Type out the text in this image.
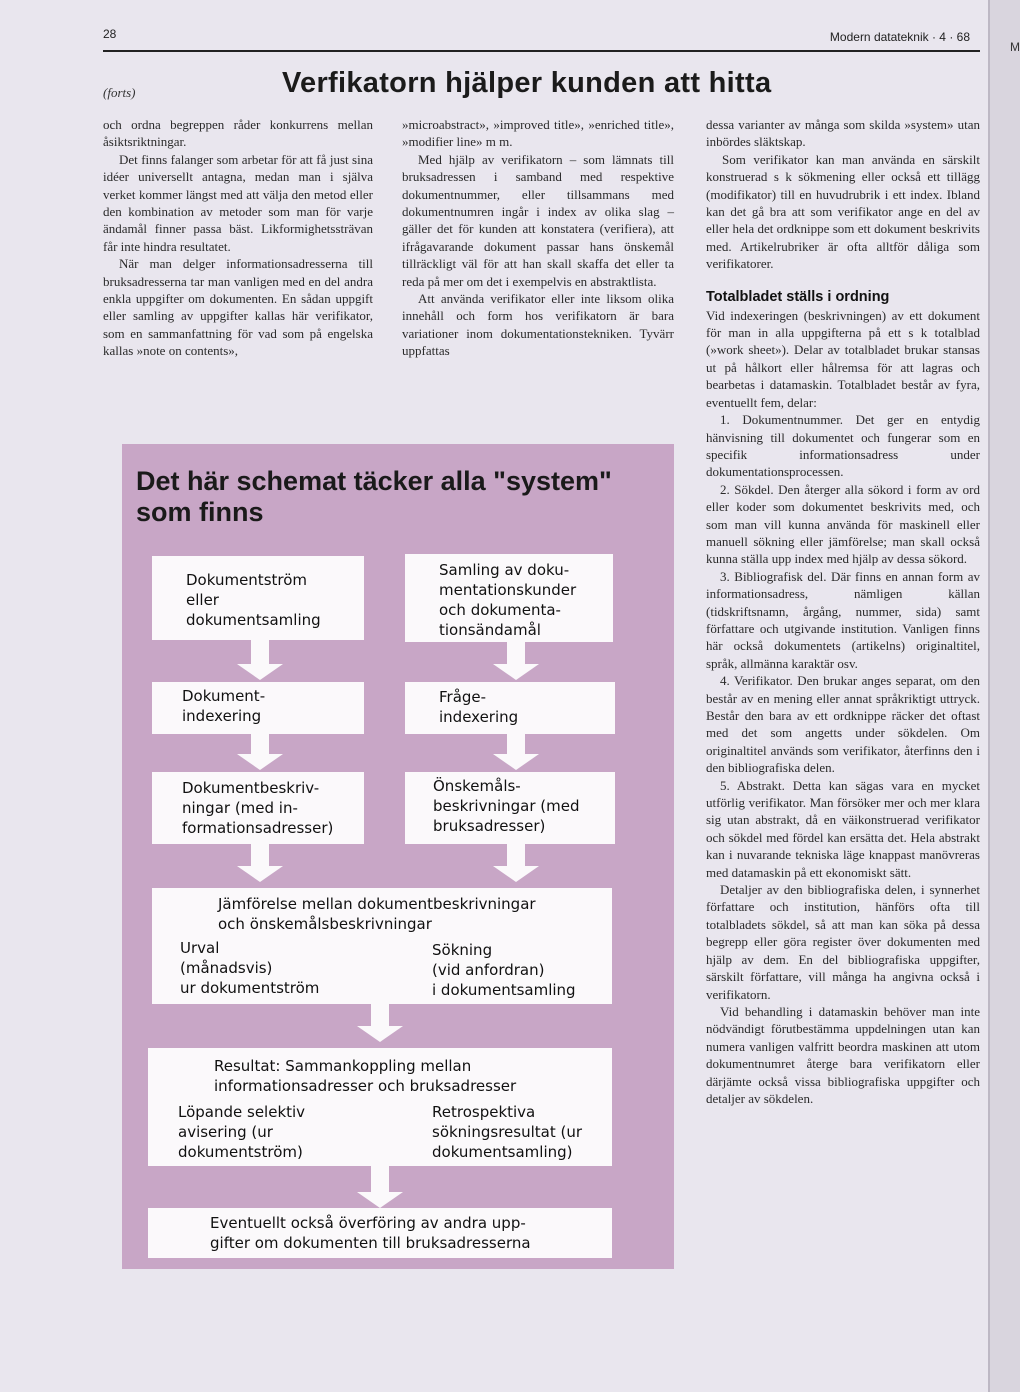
28	Modern datateknik · 4 · 68
(forts)	Verfikatorn hjälper kunden att hitta

och ordna begreppen råder konkurrens mellan åsiktsriktningar.

Det finns falanger som arbetar för att få just sina idéer universellt antagna, medan man i själva verket kommer längst med att välja den metod eller den kombination av metoder som man för varje ändamål finner passa bäst. Likformighetssträvan får inte hindra resultatet.

När man delger informationsadresserna till bruksadresserna tar man vanligen med en del andra enkla uppgifter om dokumenten. En sådan uppgift eller samling av uppgifter kallas här verifikator, som en sammanfattning för vad som på engelska kallas »note on contents»,

»microabstract», »improved title», »enriched title», »modifier line» m m.

Med hjälp av verifikatorn – som lämnats till bruksadressen i samband med respektive dokumentnummer, eller tillsammans med dokumentnumren ingår i index av olika slag – gäller det för kunden att konstatera (verifiera), att ifrågavarande dokument passar hans önskemål tillräckligt väl för att han skall skaffa det eller ta reda på mer om det i exempelvis en abstraktlista.

Att använda verifikator eller inte liksom olika innehåll och form hos verifikatorn är bara variationer inom dokumentationstekniken. Tyvärr uppfattas

dessa varianter av många som skilda »system» utan inbördes släktskap.

Som verifikator kan man använda en särskilt konstruerad s k sökmening eller också ett tillägg (modifikator) till en huvudrubrik i ett index. Ibland kan det gå bra att som verifikator ange en del av eller hela det ordknippe som ett dokument beskrivits med. Artikelrubriker är ofta alltför dåliga som verifikatorer.

Totalbladet ställs i ordning

Vid indexeringen (beskrivningen) av ett dokument för man in alla uppgifterna på ett s k totalblad (»work sheet»). Delar av totalbladet brukar stansas ut på hålkort eller hålremsa för att lagras och bearbetas i datamaskin. Totalbladet består av fyra, eventuellt fem, delar:

1. Dokumentnummer. Det ger en entydig hänvisning till dokumentet och fungerar som en specifik informationsadress under dokumentationsprocessen.

2. Sökdel. Den återger alla sökord i form av ord eller koder som dokumentet beskrivits med, och som man vill kunna använda för maskinell eller manuell sökning eller jämförelse; man skall också kunna ställa upp index med hjälp av dessa sökord.

3. Bibliografisk del. Där finns en annan form av informationsadress, nämligen källan (tidskriftsnamn, årgång, nummer, sida) samt författare och utgivande institution. Vanligen finns här också dokumentets (artikelns) originaltitel, språk, allmänna karaktär osv.

4. Verifikator. Den brukar anges separat, om den består av en mening eller annat språkriktigt uttryck. Består den bara av ett ordknippe räcker det oftast med det som angetts under sökdelen. Om originaltitel används som verifikator, återfinns den i den bibliografiska delen.

5. Abstrakt. Detta kan sägas vara en mycket utförlig verifikator. Man försöker mer och mer klara sig utan abstrakt, då en väikonstruerad verifikator och sökdel med fördel kan ersätta det. Hela abstrakt kan i nuvarande tekniska läge knappast manövreras med datamaskin på ett ekonomiskt sätt.

Detaljer av den bibliografiska delen, i synnerhet författare och institution, hänförs ofta till totalbladets sökdel, så att man kan söka på dessa begrepp eller göra register över dokumenten med hjälp av dem. En del bibliografiska uppgifter, särskilt författare, vill många ha angivna också i verifikatorn.

Vid behandling i datamaskin behöver man inte nödvändigt förutbestämma uppdelningen utan kan numera vanligen valfritt beordra maskinen att utom dokumentnumret återge bara verifikatorn eller därjämte också vissa bibliografiska uppgifter och detaljer av sökdelen.

Det här schemat täcker alla "system"
som finns
Dokumentström
eller
dokumentsamling
Samling av doku-
mentationskunder
och dokumenta-
tionsändamål
Dokument-
indexering
Fråge-
indexering
Dokumentbeskriv-
ningar (med in-
formationsadresser)
Önskemåls-
beskrivningar (med
bruksadresser)
Jämförelse mellan dokumentbeskrivningar
och önskemålsbeskrivningar
Urval
(månadsvis)
ur dokumentström
Sökning
(vid anfordran)
i dokumentsamling
Resultat: Sammankoppling mellan
informationsadresser och bruksadresser
Löpande selektiv
avisering (ur
dokumentström)
Retrospektiva
sökningsresultat (ur
dokumentsamling)
Eventuellt också överföring av andra upp-
gifter om dokumenten till bruksadresserna
M
